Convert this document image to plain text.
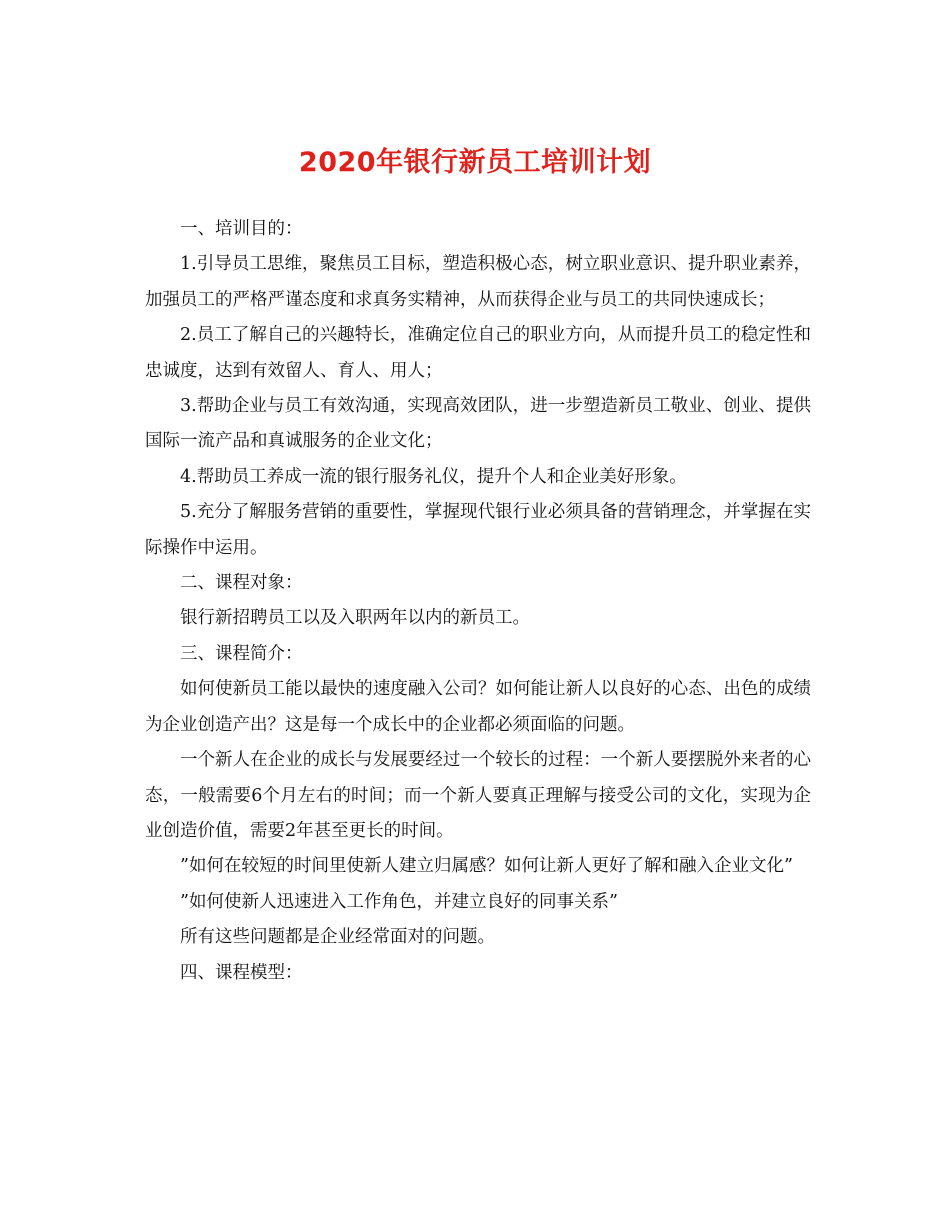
2020年银行新员工培训计划

一、培训目的：

1.引导员工思维，聚焦员工目标，塑造积极心态，树立职业意识、提升职业素养，加强员工的严格严谨态度和求真务实精神，从而获得企业与员工的共同快速成长；

2.员工了解自己的兴趣特长，准确定位自己的职业方向，从而提升员工的稳定性和忠诚度，达到有效留人、育人、用人；

3.帮助企业与员工有效沟通，实现高效团队，进一步塑造新员工敬业、创业、提供国际一流产品和真诚服务的企业文化；

4.帮助员工养成一流的银行服务礼仪，提升个人和企业美好形象。

5.充分了解服务营销的重要性，掌握现代银行业必须具备的营销理念，并掌握在实际操作中运用。

二、课程对象：

银行新招聘员工以及入职两年以内的新员工。

三、课程简介：

如何使新员工能以最快的速度融入公司？如何能让新人以良好的心态、出色的成绩为企业创造产出？这是每一个成长中的企业都必须面临的问题。

一个新人在企业的成长与发展要经过一个较长的过程：一个新人要摆脱外来者的心态，一般需要6个月左右的时间；而一个新人要真正理解与接受公司的文化，实现为企业创造价值，需要2年甚至更长的时间。

”如何在较短的时间里使新人建立归属感？如何让新人更好了解和融入企业文化”

”如何使新人迅速进入工作角色，并建立良好的同事关系”

所有这些问题都是企业经常面对的问题。

四、课程模型：
